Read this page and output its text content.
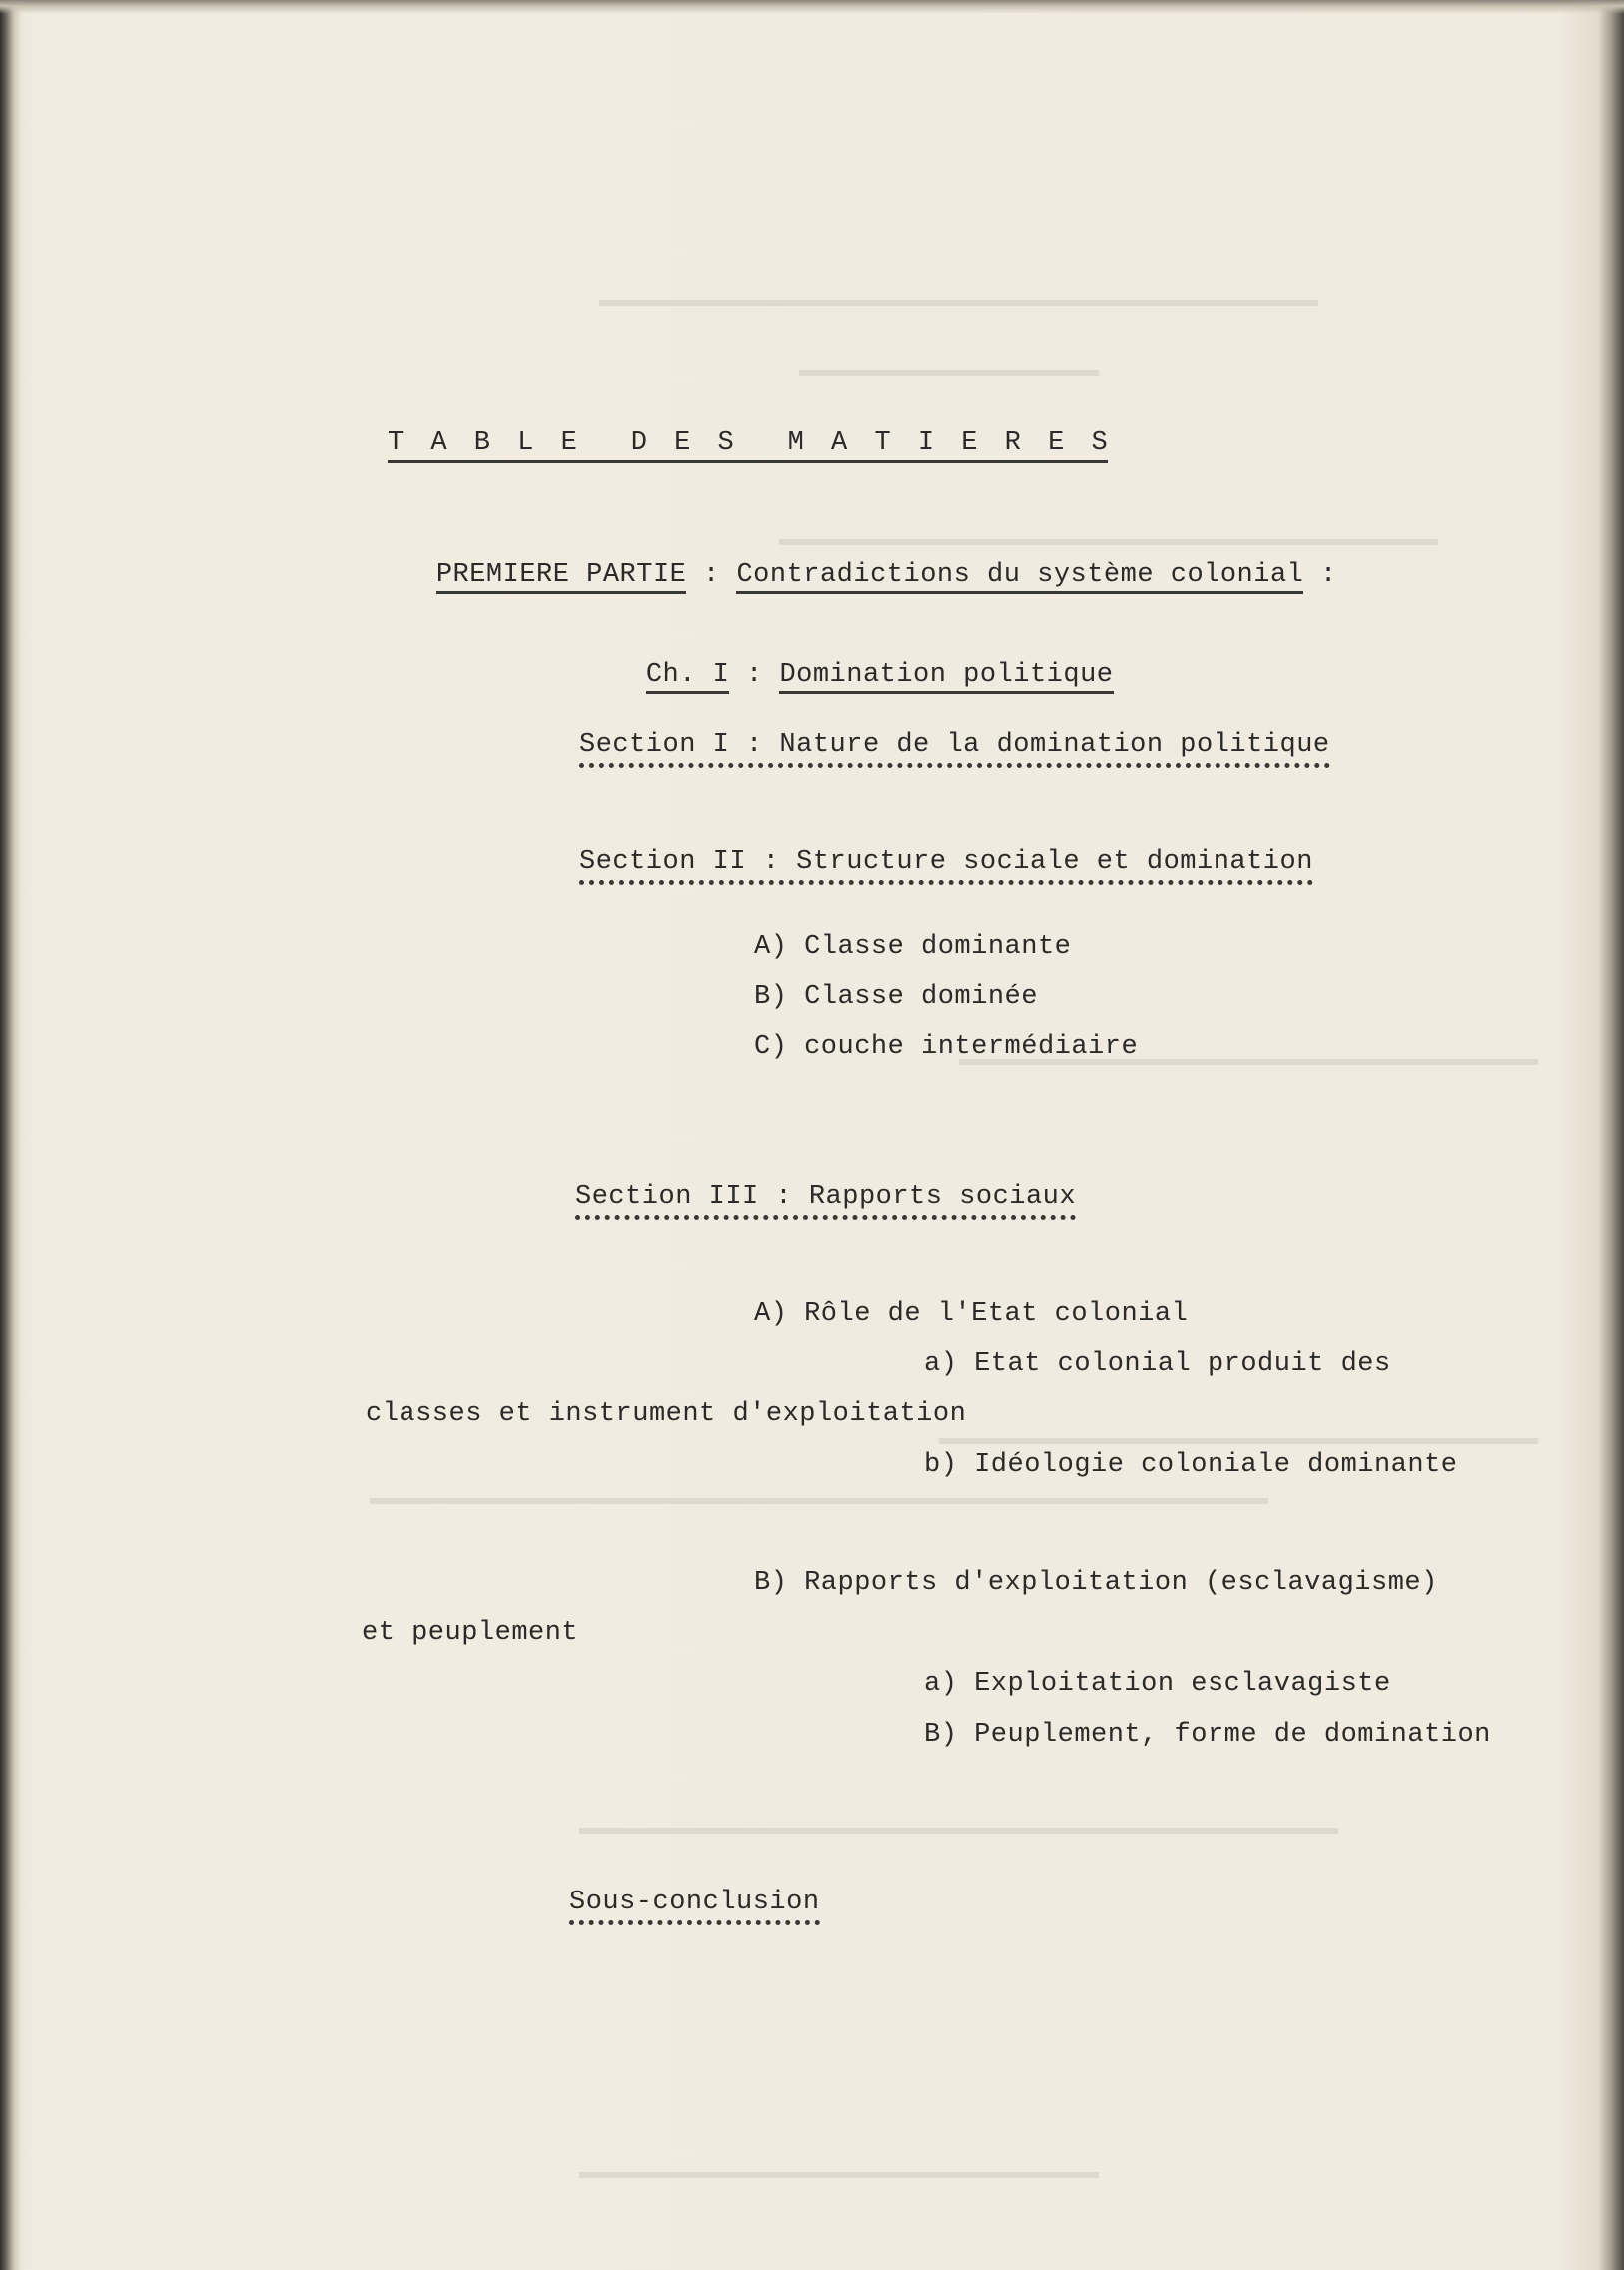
T A B L E  D E S  M A T I E R E S

PREMIERE PARTIE : Contradictions du système colonial :

Ch. I : Domination politique

Section I : Nature de la domination politique
Section II : Structure sociale et domination
A) Classe dominante
B) Classe dominée
C) couche intermédiaire
Section III : Rapports sociaux
A) Rôle de l'Etat colonial
a) Etat colonial produit des
classes et instrument d'exploitation
b) Idéologie coloniale dominante
B) Rapports d'exploitation (esclavagisme)
et peuplement
a) Exploitation esclavagiste
B) Peuplement, forme de domination
Sous-conclusion
